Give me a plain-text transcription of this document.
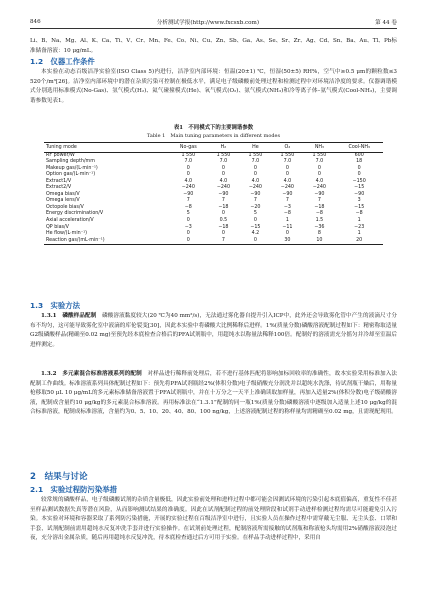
846	分析测试学报(http://www.fxcsxb.com)	第 44 卷

Li、B、Na、Mg、Al、K、Ca、Ti、V、Cr、Mn、Fe、Co、Ni、Cu、Zn、Sb、Ga、As、Se、Sr、Zr、Ag、Cd、Sn、Ba、Au、Tl、Pb标准储备溶液：10 μg/mL。

1.2　仪器工作条件

本实验在动态百级洁净实验室(ISO Class 5)内进行，洁净室内部环境：恒温(20±1) ℃，恒湿(50±5) RH%，空气中≥0.5 μm的颗粒数≤3 520个/m³[26]。洁净室内部环境中的潜在杂质污染可控制在极低水平，满足电子级磷酸前处理过程和检测过程中对环境洁净度的要求。仪器调谐模式分别选用标准模式(No-Gas)、氢气模式(H₂)、氦气碰撞模式(He)、氧气模式(O₂)、氨气模式(NH₃)和冷等离子体–氨气模式(Cool-NH₃)，主要调谐参数见表1。

表1　不同模式下的主要调谐参数
Table 1　Main tuning parameters in different modes
Tuning mode	No-gas	H₂	He	O₂	NH₃	Cool-NH₃
RF power/W	1 550	1 550	1 550	1 550	1 550	600
Sampling depth/mm	7.0	7.0	7.0	7.0	7.0	18
Makeup gas/(L·min⁻¹)	0	0	0	0	0	0
Option gas/(L·min⁻¹)	0	0	0	0	0	0
Extract1/V	4.0	4.0	4.0	4.0	4.0	−150
Extract2/V	−240	−240	−240	−240	−240	−15
Omega bias/V	−90	−90	−90	−90	−90	−90
Omega lens/V	7	7	7	7	7	3
Octopole bias/V	−8	−18	−20	−3	−18	−15
Energy discrimination/V	5	0	5	−8	−8	−8
Axial acceleration/V	0	0.5	0	1	1.5	1
QP bias/V	−3	−18	−15	−11	−36	−23
He flow/(L·min⁻¹)	0	0	4.2	0	8	1
Reaction gas/(mL·min⁻¹)	0	7	0	30	10	20
1.3　实验方法

1.3.1　磷酸样品配制　 磷酸溶液黏度较大(20 ℃为40 mm²/s)，无法通过雾化器自提升引入ICP中，此外还会导致雾化管中产生的液滴尺寸分布不均匀，这可能导致雾化室中液滴的库伦裂变[30]，因此本实验中将磷酸大比例稀释后进样。1%(质量分数)磷酸溶液配制过程如下：精密称取适量G2级磷酸样品(精确至0.02 mg)至预先经本底检查合格后的PFA试剂瓶中，用超纯水以称量法稀释100倍。配制好的溶液需充分摇匀并冷却至室温后进样测定。

1.3.2　多元素混合标准溶液系列的配制　 对样品进行稀释前处理后，若不进行基体匹配将影响加标回收率的准确性，故本实验采用标准加入法配制工作曲线。标准溶液系列具体配制过程如下：预先将PFA试剂瓶经2%(体积分数)电子级硝酸充分润洗并以超纯水洗涤，待试剂瓶干燥后，用称量枪移取50 μL 10 μg/mL的多元素标准储备溶液置于PFA试剂瓶中，并在十万分之一天平上准确读取加样量，再加入适量2%(体积分数)电子级硝酸溶液，配制成含量约10 μg/kg的多元素混合标准溶液。再用标准法在“1.3.1”配制的同一瓶1%(质量分数)磷酸溶液中逐级加入适量上述10 μg/kg的混合标准溶液，配制成标准溶液，含量约为0、5、10、20、40、80、100 ng/kg，上述溶液配制过程的称样量均需精确至0.02 mg，且需现配现用。

2　结果与讨论
2.1　实验过程防污染举措

较常规的磷酸样品，电子级磷酸试剂的杂质含量极低，因此实验前处理和进样过程中都可能会因测试环境的污染引起本底值偏高，重复性不佳甚至样品测试数据失真等潜在风险，从而影响测试结果的准确度。因此在试剂配制过程的前处理阶段和试剂手动进样检测过程均需尽可能避免引入污染。本实验对环境和容器采取了系列防污染措施，开展的实验过程在百级洁净室中进行，且实验人员在操作过程中需穿戴无尘服、无尘头套、口罩和手套，试剂配制前需用超纯水反复冲洗手套并进行实验操作。在试剂前处理过程，配制溶液所需接触的试剂瓶和称液枪头均需用2%硝酸溶液浸泡过夜，充分溶出金属杂质，随后再用超纯水反复冲洗，待本底检查通过后方可用于实验。在样品手动进样过程中，采用自
